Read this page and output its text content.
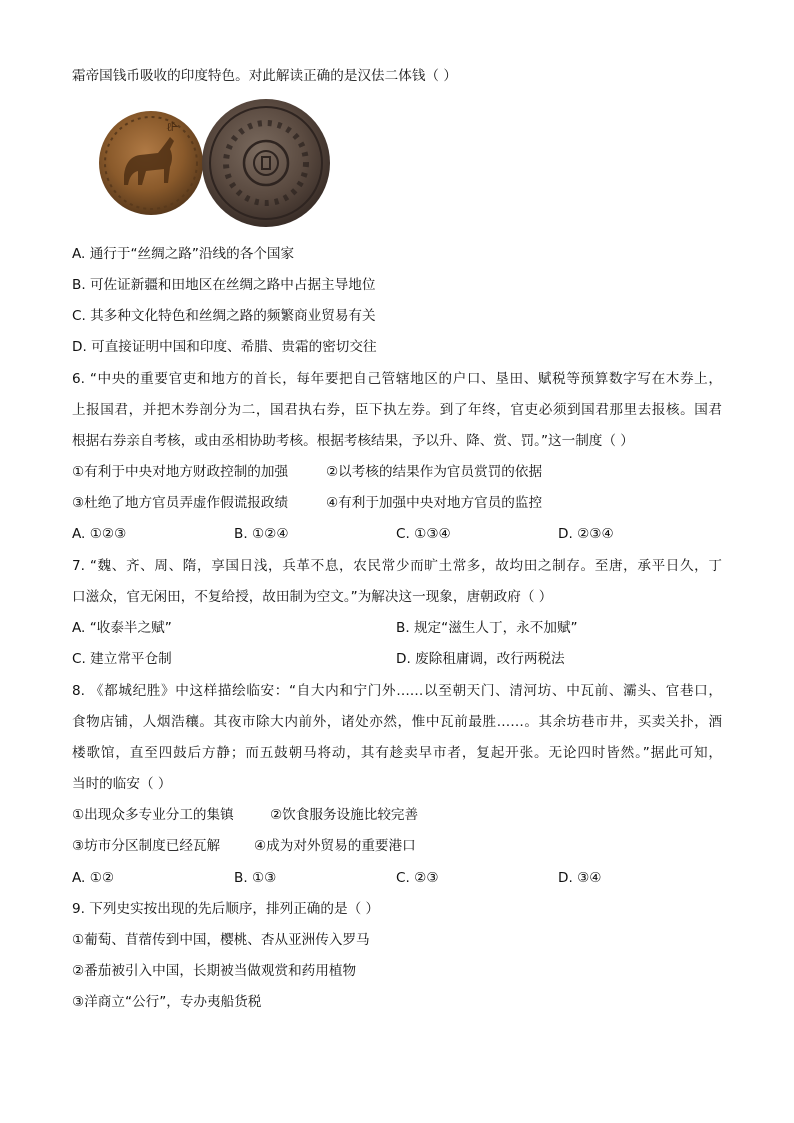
霜帝国钱币吸收的印度特色。对此解读正确的是汉佉二体钱（ ）
ℓ𐊀
A. 通行于“丝绸之路”沿线的各个国家
B. 可佐证新疆和田地区在丝绸之路中占据主导地位
C. 其多种文化特色和丝绸之路的频繁商业贸易有关
D. 可直接证明中国和印度、希腊、贵霜的密切交往
6. “中央的重要官吏和地方的首长，每年要把自己管辖地区的户口、垦田、赋税等预算数字写在木券上，
上报国君，并把木券剖分为二，国君执右券，臣下执左券。到了年终，官吏必须到国君那里去报核。国君
根据右券亲自考核，或由丞相协助考核。根据考核结果，予以升、降、赏、罚。”这一制度（ ）
①有利于中央对地方财政控制的加强	②以考核的结果作为官员赏罚的依据
③杜绝了地方官员弄虚作假谎报政绩	④有利于加强中央对地方官员的监控
A. ①②③	B. ①②④	C. ①③④	D. ②③④
7. “魏、齐、周、隋，享国日浅，兵革不息，农民常少而旷土常多，故均田之制存。至唐，承平日久，丁
口滋众，官无闲田，不复给授，故田制为空文。”为解决这一现象，唐朝政府（ ）
A. “收泰半之赋”	B. 规定“滋生人丁，永不加赋”
C. 建立常平仓制	D. 废除租庸调，改行两税法
8. 《都城纪胜》中这样描绘临安：“自大内和宁门外……以至朝天门、清河坊、中瓦前、灞头、官巷口，
食物店铺，人烟浩穰。其夜市除大内前外，诸处亦然，惟中瓦前最胜……。其余坊巷市井，买卖关扑，酒
楼歌馆，直至四鼓后方静；而五鼓朝马将动，其有趁卖早市者，复起开张。无论四时皆然。”据此可知，
当时的临安（ ）
①出现众多专业分工的集镇	②饮食服务设施比较完善
③坊市分区制度已经瓦解 ④成为对外贸易的重要港口
A. ①②	B. ①③	C. ②③	D. ③④
9. 下列史实按出现的先后顺序，排列正确的是（ ）
①葡萄、苜蓿传到中国，樱桃、杏从亚洲传入罗马
②番茄被引入中国，长期被当做观赏和药用植物
③洋商立“公行”，专办夷船货税
